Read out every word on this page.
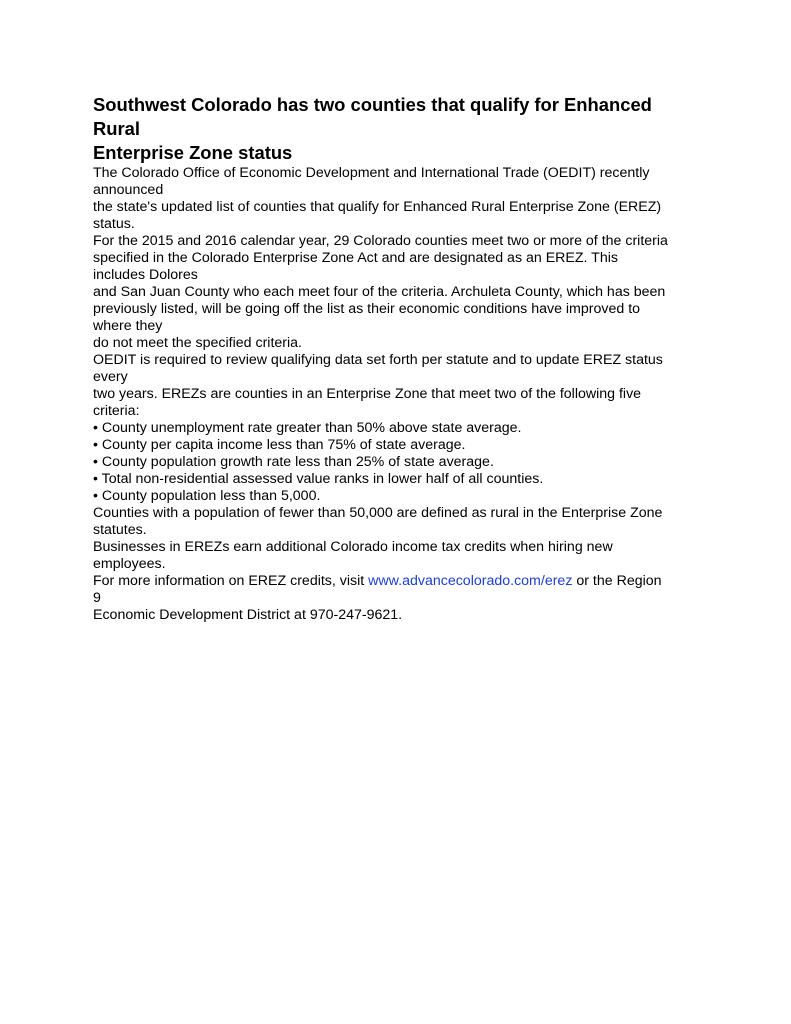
Southwest Colorado has two counties that qualify for Enhanced
Rural
Enterprise Zone status
The Colorado Office of Economic Development and International Trade (OEDIT) recently
announced
the state's updated list of counties that qualify for Enhanced Rural Enterprise Zone (EREZ)
status.
For the 2015 and 2016 calendar year, 29 Colorado counties meet two or more of the criteria
specified in the Colorado Enterprise Zone Act and are designated as an EREZ. This
includes Dolores
and San Juan County who each meet four of the criteria. Archuleta County, which has been
previously listed, will be going off the list as their economic conditions have improved to
where they
do not meet the specified criteria.
OEDIT is required to review qualifying data set forth per statute and to update EREZ status
every
two years. EREZs are counties in an Enterprise Zone that meet two of the following five
criteria:
• County unemployment rate greater than 50% above state average.
• County per capita income less than 75% of state average.
• County population growth rate less than 25% of state average.
• Total non-residential assessed value ranks in lower half of all counties.
• County population less than 5,000.
Counties with a population of fewer than 50,000 are defined as rural in the Enterprise Zone
statutes.
Businesses in EREZs earn additional Colorado income tax credits when hiring new
employees.
For more information on EREZ credits, visit www.advancecolorado.com/erez or the Region
9
Economic Development District at 970-247-9621.
